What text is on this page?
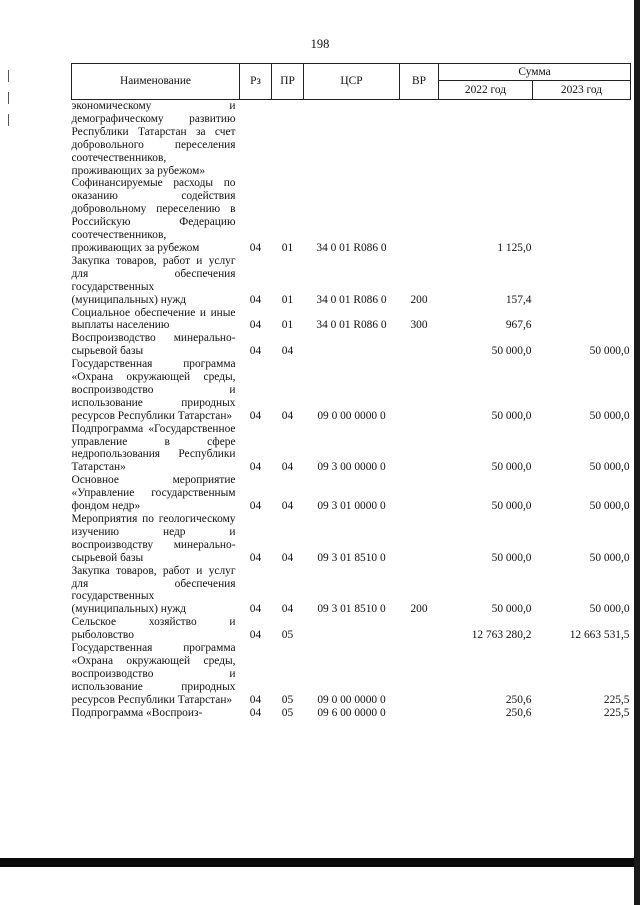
198
Наименование	Рз	ПР	ЦСР	ВР	Сумма	
					2022 год	2023 год
экономическому и демографическому развитию Республики Татарстан за счет добровольного переселения соотечественников, проживающих за рубежом»						
Софинансируемые расходы по оказанию содействия добровольному переселению в Российскую Федерацию соотечественников, проживающих за рубежом	04	01	34 0 01 R086 0		1 125,0	
Закупка товаров, работ и услуг для обеспечения государственных (муниципальных) нужд	04	01	34 0 01 R086 0	200	157,4	
Социальное обеспечение и иные выплаты населению	04	01	34 0 01 R086 0	300	967,6	
Воспроизводство минерально-сырьевой базы	04	04			50 000,0	50 000,0
Государственная программа «Охрана окружающей среды, воспроизводство и использование природных ресурсов Республики Татарстан»	04	04	09 0 00 0000 0		50 000,0	50 000,0
Подпрограмма «Государственное управление в сфере недропользования Республики Татарстан»	04	04	09 3 00 0000 0		50 000,0	50 000,0
Основное мероприятие «Управление государственным фондом недр»	04	04	09 3 01 0000 0		50 000,0	50 000,0
Мероприятия по геологическому изучению недр и воспроизводству минерально-сырьевой базы	04	04	09 3 01 8510 0		50 000,0	50 000,0
Закупка товаров, работ и услуг для обеспечения государственных (муниципальных) нужд	04	04	09 3 01 8510 0	200	50 000,0	50 000,0
Сельское хозяйство и рыболовство	04	05			12 763 280,2	12 663 531,5
Государственная программа «Охрана окружающей среды, воспроизводство и использование природных ресурсов Республики Татарстан»	04	05	09 0 00 0000 0		250,6	225,5
Подпрограмма «Воспроиз-	04	05	09 6 00 0000 0		250,6	225,5
